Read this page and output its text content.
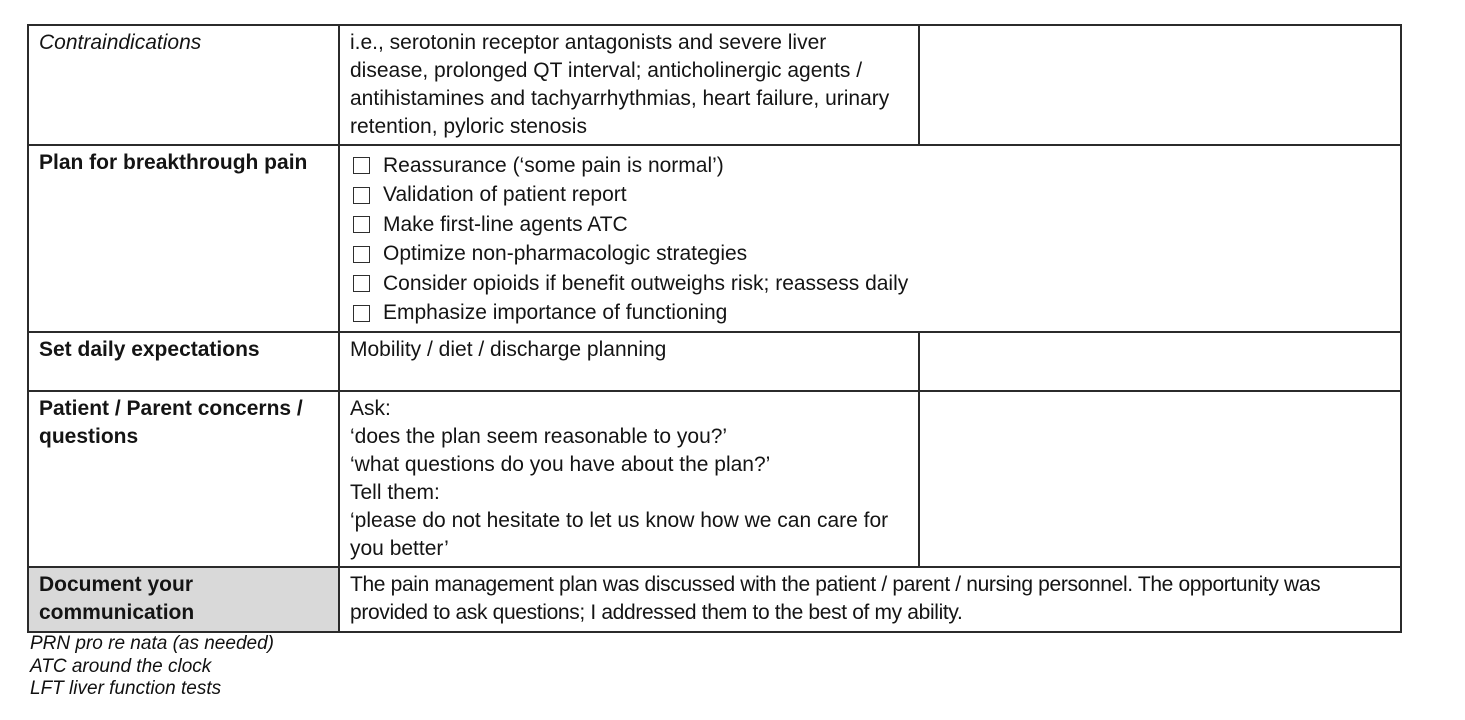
Contraindications	i.e., serotonin receptor antagonists and severe liver disease, prolonged QT interval; anticholinergic agents / antihistamines and tachyarrhythmias, heart failure, urinary retention, pyloric stenosis	
Plan for breakthrough pain	Reassurance (‘some pain is normal’)
Validation of patient report
Make first-line agents ATC
Optimize non-pharmacologic strategies
Consider opioids if benefit outweighs risk; reassess daily
Emphasize importance of functioning

Set daily expectations	Mobility / diet / discharge planning	
Patient / Parent concerns / questions	Ask:
‘does the plan seem reasonable to you?’
‘what questions do you have about the plan?’
Tell them:
‘please do not hesitate to let us know how we can care for you better’	

Document your communication	The pain management plan was discussed with the patient / parent / nursing personnel. The opportunity was provided to ask questions; I addressed them to the best of my ability.	
PRN pro re nata (as needed)
ATC around the clock
LFT liver function tests
